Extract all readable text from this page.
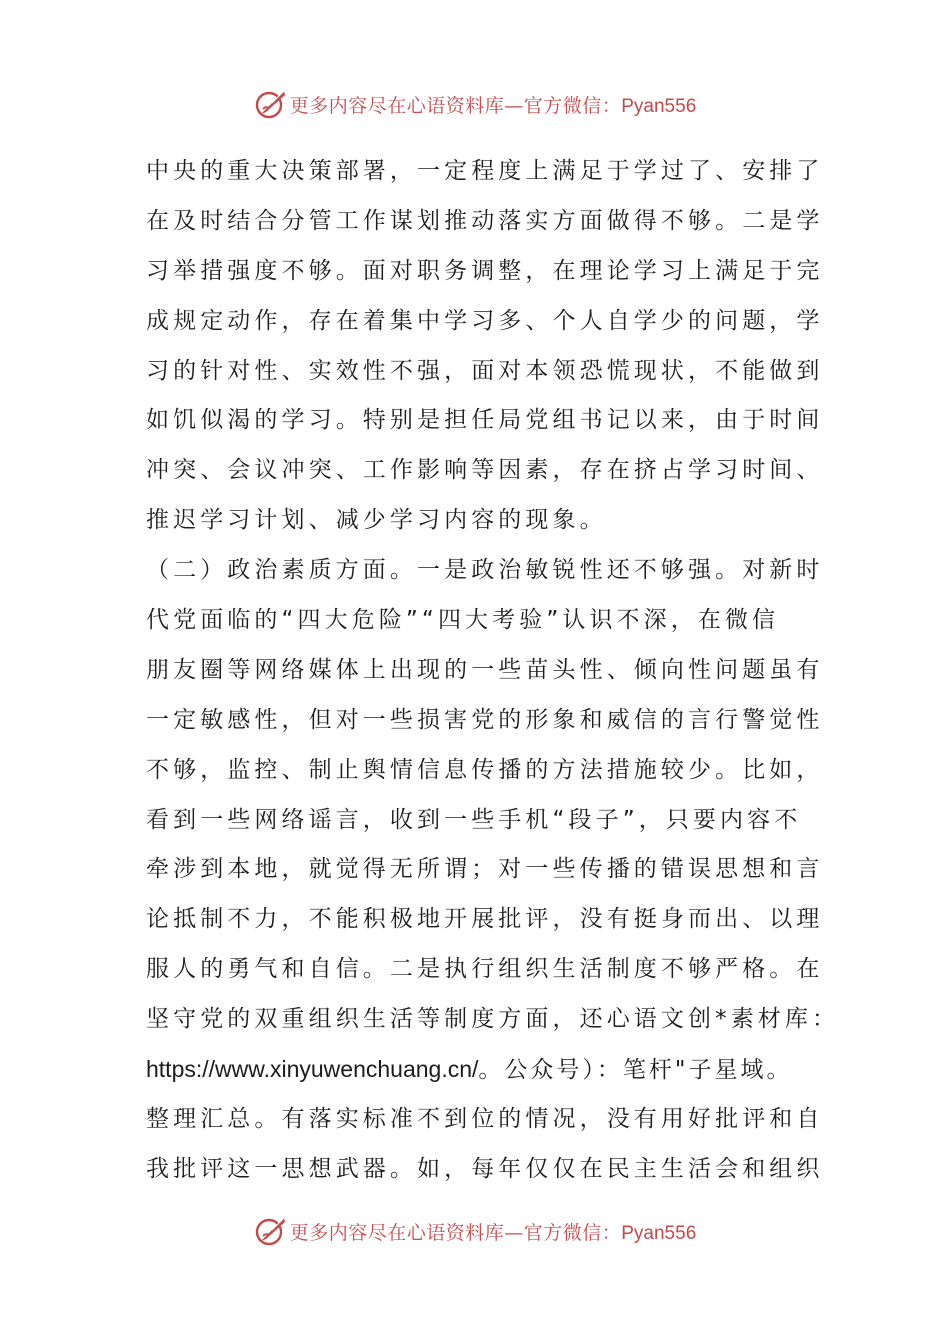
更多内容尽在心语资料库—官方微信：Pyan556
中央的重大决策部署，一定程度上满足于学过了、安排了
在及时结合分管工作谋划推动落实方面做得不够。二是学
习举措强度不够。面对职务调整，在理论学习上满足于完
成规定动作，存在着集中学习多、个人自学少的问题，学
习的针对性、实效性不强，面对本领恐慌现状，不能做到
如饥似渴的学习。特别是担任局党组书记以来，由于时间
冲突、会议冲突、工作影响等因素，存在挤占学习时间、
推迟学习计划、减少学习内容的现象。
（二）政治素质方面。一是政治敏锐性还不够强。对新时
代党面临的“四大危险”“四大考验”认识不深，在微信
朋友圈等网络媒体上出现的一些苗头性、倾向性问题虽有
一定敏感性，但对一些损害党的形象和威信的言行警觉性
不够，监控、制止舆情信息传播的方法措施较少。比如，
看到一些网络谣言，收到一些手机“段子”，只要内容不
牵涉到本地，就觉得无所谓；对一些传播的错误思想和言
论抵制不力，不能积极地开展批评，没有挺身而出、以理
服人的勇气和自信。二是执行组织生活制度不够严格。在
坚守党的双重组织生活等制度方面，还心语文创*素材库：
https://www.xinyuwenchuang.cn/。公众号）：笔杆"子星域。
整理汇总。有落实标准不到位的情况，没有用好批评和自
我批评这一思想武器。如，每年仅仅在民主生活会和组织
更多内容尽在心语资料库—官方微信：Pyan556
